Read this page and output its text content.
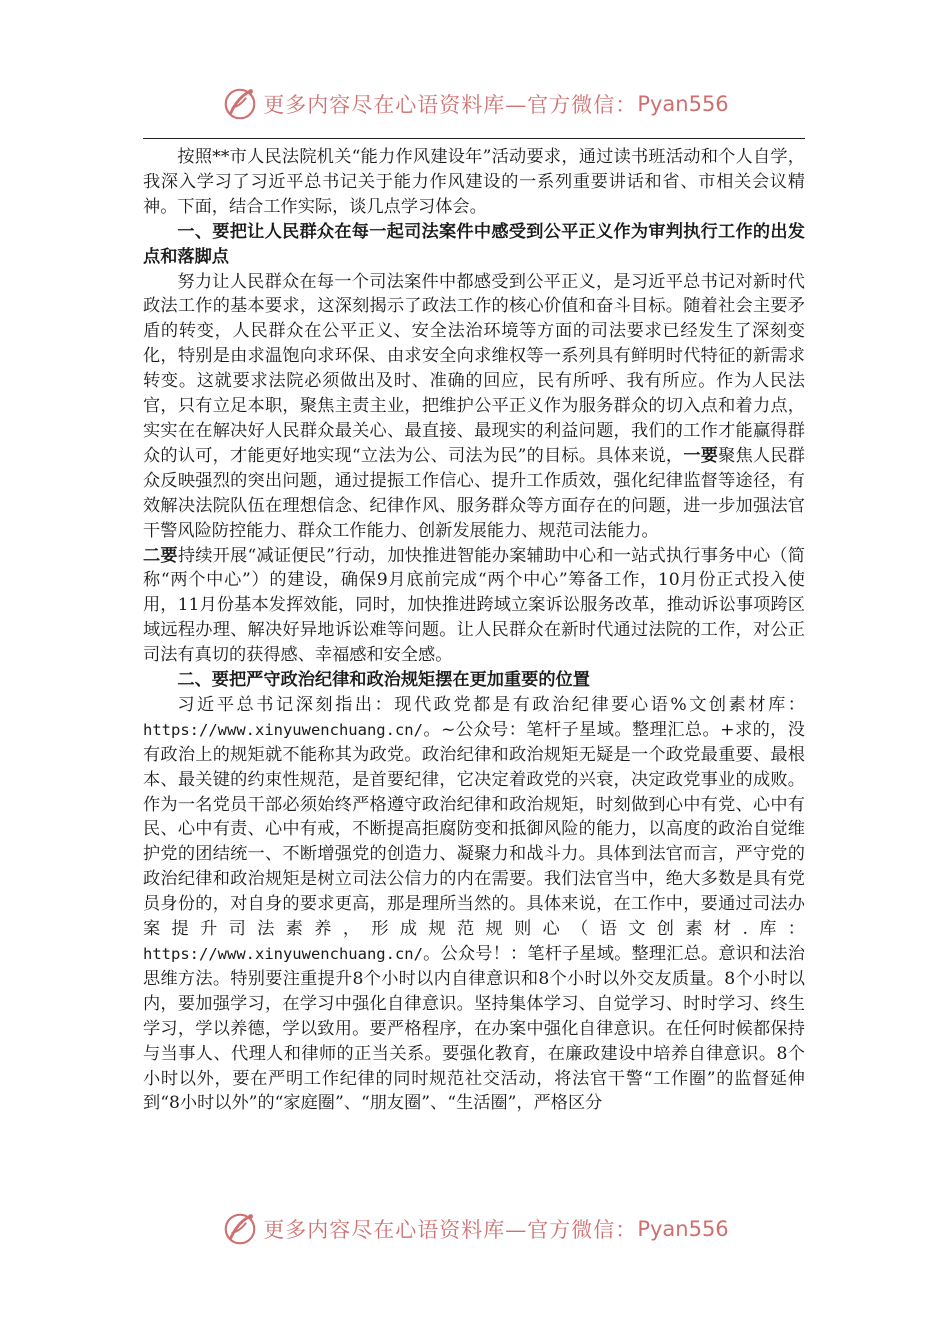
更多内容尽在心语资料库—官方微信： Pyan556

按照**市人民法院机关“能力作风建设年”活动要求，通过读书班活动和个人自学，我深入学习了习近平总书记关于能力作风建设的一系列重要讲话和省、市相关会议精神。下面，结合工作实际，谈几点学习体会。

一、要把让人民群众在每一起司法案件中感受到公平正义作为审判执行工作的出发点和落脚点

努力让人民群众在每一个司法案件中都感受到公平正义，是习近平总书记对新时代政法工作的基本要求，这深刻揭示了政法工作的核心价值和奋斗目标。随着社会主要矛盾的转变，人民群众在公平正义、安全法治环境等方面的司法要求已经发生了深刻变化，特别是由求温饱向求环保、由求安全向求维权等一系列具有鲜明时代特征的新需求转变。这就要求法院必须做出及时、准确的回应，民有所呼、我有所应。作为人民法官，只有立足本职，聚焦主责主业，把维护公平正义作为服务群众的切入点和着力点，实实在在解决好人民群众最关心、最直接、最现实的利益问题，我们的工作才能赢得群众的认可，才能更好地实现“立法为公、司法为民”的目标。具体来说，一要聚焦人民群众反映强烈的突出问题，通过提振工作信心、提升工作质效，强化纪律监督等途径，有效解决法院队伍在理想信念、纪律作风、服务群众等方面存在的问题，进一步加强法官干警风险防控能力、群众工作能力、创新发展能力、规范司法能力。
二要持续开展“减证便民”行动，加快推进智能办案辅助中心和一站式执行事务中心（简称“两个中心”）的建设，确保9月底前完成“两个中心”筹备工作，10月份正式投入使用，11月份基本发挥效能，同时，加快推进跨域立案诉讼服务改革，推动诉讼事项跨区域远程办理、解决好异地诉讼难等问题。让人民群众在新时代通过法院的工作，对公正司法有真切的获得感、幸福感和安全感。

二、要把严守政治纪律和政治规矩摆在更加重要的位置

习近平总书记深刻指出：现代政党都是有政治纪律要心语%文创素材库：https://www.xinyuwenchuang.cn/。~公众号：笔杆子星域。整理汇总。+求的，没有政治上的规矩就不能称其为政党。政治纪律和政治规矩无疑是一个政党最重要、最根本、最关键的约束性规范，是首要纪律，它决定着政党的兴衰，决定政党事业的成败。作为一名党员干部必须始终严格遵守政治纪律和政治规矩，时刻做到心中有党、心中有民、心中有责、心中有戒，不断提高拒腐防变和抵御风险的能力，以高度的政治自觉维护党的团结统一、不断增强党的创造力、凝聚力和战斗力。具体到法官而言，严守党的政治纪律和政治规矩是树立司法公信力的内在需要。我们法官当中，绝大多数是具有党员身份的，对自身的要求更高，那是理所当然的。具体来说，在工作中，要通过司法办案提升司法素养，形成规范规则心（语文创素材.库：https://www.xinyuwenchuang.cn/。公众号！：笔杆子星域。整理汇总。意识和法治思维方法。特别要注重提升8个小时以内自律意识和8个小时以外交友质量。8个小时以内，要加强学习，在学习中强化自律意识。坚持集体学习、自觉学习、时时学习、终生学习，学以养德，学以致用。要严格程序，在办案中强化自律意识。在任何时候都保持与当事人、代理人和律师的正当关系。要强化教育，在廉政建设中培养自律意识。8个小时以外，要在严明工作纪律的同时规范社交活动，将法官干警“工作圈”的监督延伸到“8小时以外”的“家庭圈”、“朋友圈”、“生活圈”，严格区分

更多内容尽在心语资料库—官方微信： Pyan556
